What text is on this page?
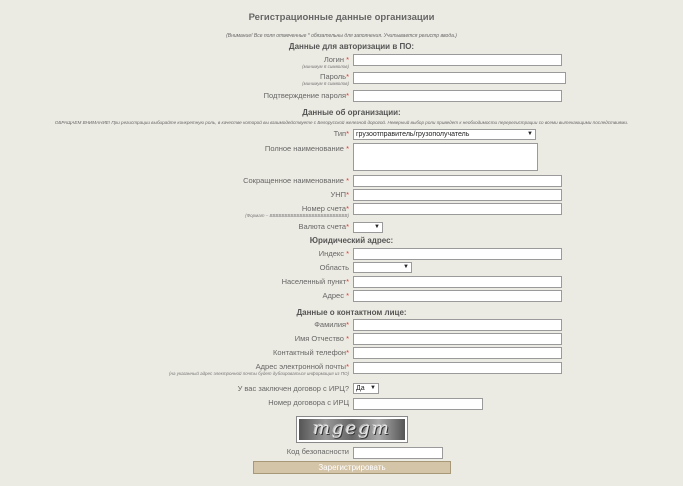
Регистрационные данные организации
(Внимание! Все поля отмеченные * обязательны для заполнения. Учитывается регистр ввода.)
Данные для авторизации в ПО:
Логин *
(минимум 6 символов)
Пароль*
(минимум 6 символов)
Подтверждение пароля*
Данные об организации:
ОБРАЩАЕМ ВНИМАНИЕ! При регистрации выбирайте конкретную роль, в качестве которой вы взаимодействуете с Белорусской железной дорогой. Неверный выбор роли приведет к необходимости перерегистрации со всеми вытекающими последствиями.
Тип*	грузоотправитель/грузополучатель	▼
Полное наименование *
Сокращенное наименование *
УНП*
Номер счета*
(Формат – BBBBBBBBBBBBBBBBBBBBBBBBBB)
Валюта счета*	▼
Юридический адрес:
Индекс *
Область	▼
Населенный пункт*
Адрес *
Данные о контактном лице:
Фамилия*
Имя Отчество *
Контактный телефон*
Адрес электронной почты*
(на указанный адрес электронной почты будет дублироваться информация из ПО)
У вас заключен договор с ИРЦ?	Да ▼
Номер договора с ИРЦ
mgegm
Код безопасности
Зарегистрировать
